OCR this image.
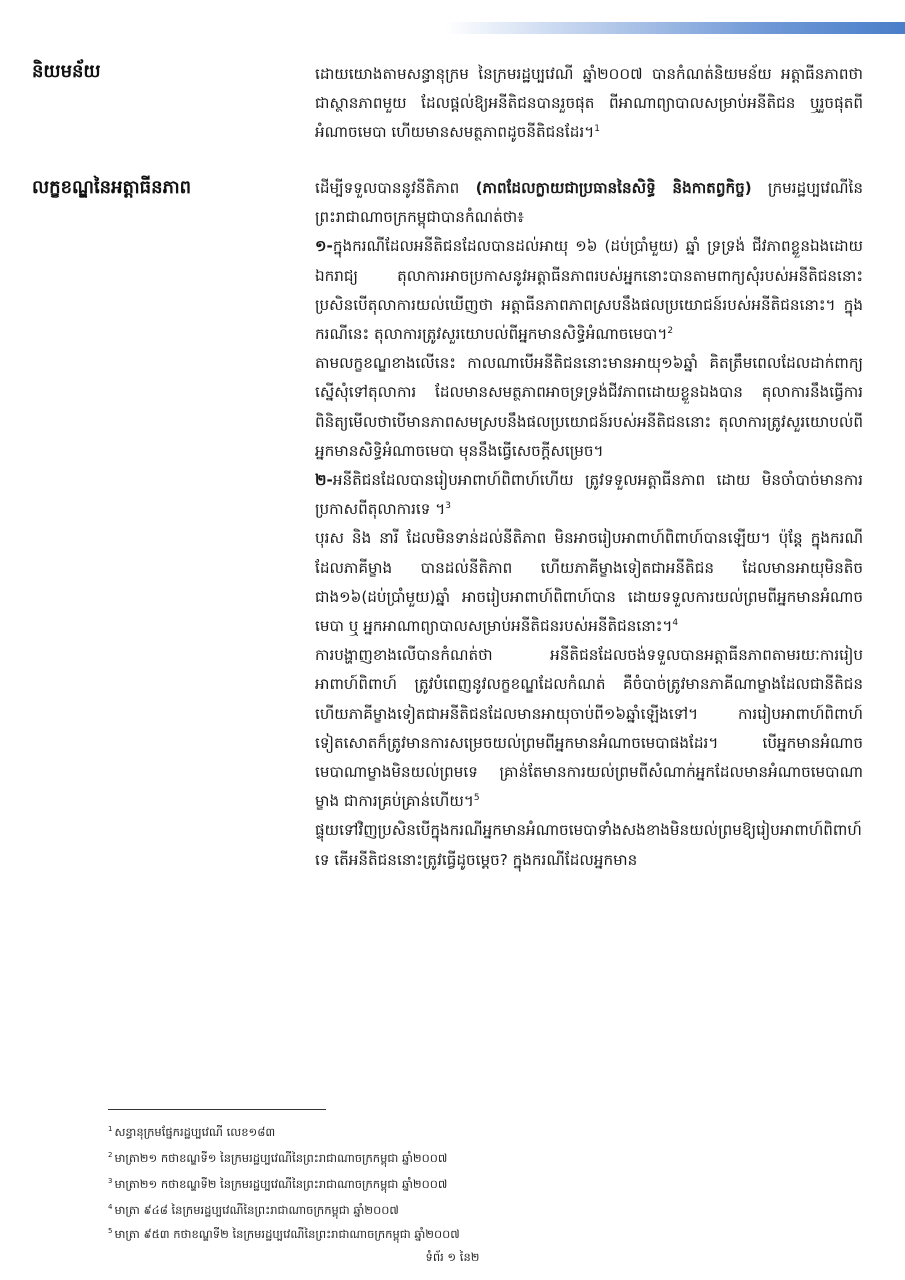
និយមន័យ	ដោយយោងតាមសន្ធានុក្រម នៃក្រមរដ្ឋប្បវេណី ឆ្នាំ២០០៧ បានកំណត់និយមន័យ អត្តាធីនភាពថា ជាស្ថានភាពមួយ ដែលផ្តល់ឱ្យអនីតិជនបានរួចផុត ពីអាណាព្យាបាលសម្រាប់អនីតិជន ឬរួចផុតពីអំណាចមេបា ហើយមានសមត្ថភាពដូចនីតិជនដែរ។$^1$

លក្ខខណ្ឌនៃអត្តាធីនភាព	ដើម្បីទទួលបាននូវនីតិភាព (ភាពដែលក្លាយជាប្រធាននៃសិទ្ធិ និងកាតព្វកិច្ច) ក្រមរដ្ឋប្បវេណីនៃព្រះរាជាណាចក្រកម្ពុជាបានកំណត់ថា៖

១-ក្នុងករណីដែលអនីតិជនដែលបានដល់អាយុ ១៦ (ដប់ប្រាំមួយ) ឆ្នាំ ទ្រទ្រង់ ជីវភាពខ្លួនឯងដោយឯករាជ្យ តុលាការអាចប្រកាសនូវអត្តាធីនភាពរបស់អ្នកនោះបានតាមពាក្យសុំរបស់អនីតិជននោះ ប្រសិនបើតុលាការយល់ឃើញថា អត្តាធីនភាពភាពស្របនឹងផលប្រយោជន៍របស់អនីតិជននោះ។ ក្នុងករណីនេះ តុលាការត្រូវសួរយោបល់ពីអ្នកមានសិទ្ធិអំណាចមេបា។$^2$

តាមលក្ខខណ្ឌខាងលើនេះ កាលណាបើអនីតិជននោះមានអាយុ១៦ឆ្នាំ គិតត្រឹមពេលដែលដាក់ពាក្យស្នើសុំទៅតុលាការ ដែលមានសមត្ថភាពអាចទ្រទ្រង់ជីវភាពដោយខ្លួនឯងបាន តុលាការនឹងធ្វើការពិនិត្យមើលថាបើមានភាពសមស្របនឹងផលប្រយោជន៍របស់អនីតិជននោះ តុលាការត្រូវសួរយោបល់ពីអ្នកមានសិទ្ធិអំណាចមេបា មុននឹងធ្វើសេចក្តីសម្រេច។

២-អនីតិជនដែលបានរៀបអាពាហ៍ពិពាហ៍ហើយ ត្រូវទទួលអត្តាធីនភាព ដោយ មិនចាំបាច់មានការប្រកាសពីតុលាការទេ ។$^3$

បុរស និង នារី ដែលមិនទាន់ដល់នីតិភាព មិនអាចរៀបអាពាហ៍ពិពាហ៍បានឡើយ។ ប៉ុន្តែ ក្នុងករណីដែលភាគីម្ខាង បានដល់នីតិភាព ហើយភាគីម្ខាងទៀតជាអនីតិជន ដែលមានអាយុមិនតិចជាង១៦(ដប់ប្រាំមួយ)ឆ្នាំ អាចរៀបអាពាហ៍ពិពាហ៍បាន ដោយទទួលការយល់ព្រមពីអ្នកមានអំណាចមេបា ឬ អ្នកអាណាព្យាបាលសម្រាប់អនីតិជនរបស់អនីតិជននោះ។$^4$

ការបង្ហាញខាងលើបានកំណត់ថា អនីតិជនដែលចង់ទទួលបានអត្តាធីនភាពតាមរយៈការរៀបអាពាហ៍ពិពាហ៍ ត្រូវបំពេញនូវលក្ខខណ្ឌដែលកំណត់ គឺចំបាច់ត្រូវមានភាគីណាម្ខាងដែលជានីតិជន ហើយភាគីម្ខាងទៀតជាអនីតិជនដែលមានអាយុចាប់ពី១៦ឆ្នាំឡើងទៅ។ ការរៀបអាពាហ៍ពិពាហ៍ទៀតសោតក៏ត្រូវមានការសម្រេចយល់ព្រមពីអ្នកមានអំណាចមេបាផងដែរ។ បើអ្នកមានអំណាចមេបាណាម្ខាងមិនយល់ព្រមទេ គ្រាន់តែមានការយល់ព្រមពីសំណាក់អ្នកដែលមានអំណាចមេបាណាម្ខាង ជាការគ្រប់គ្រាន់ហើយ។$^5$

ផ្ទុយទៅវិញប្រសិនបើក្នុងករណីអ្នកមានអំណាចមេបាទាំងសងខាងមិនយល់ព្រមឱ្យរៀបអាពាហ៍ពិពាហ៍ទេ តើអនីតិជននោះត្រូវធ្វើដូចម្តេច? ក្នុងករណីដែលអ្នកមាន

$^1$ សន្ធានុក្រមផ្នែករដ្ឋប្បវេណី លេខ១៨៣
$^2$ មាត្រា២១ កថាខណ្ឌទី១ នៃក្រមរដ្ឋប្បវេណីនៃព្រះរាជាណាចក្រកម្ពុជា ឆ្នាំ២០០៧
$^3$ មាត្រា២១ កថាខណ្ឌទី២ នៃក្រមរដ្ឋប្បវេណីនៃព្រះរាជាណាចក្រកម្ពុជា ឆ្នាំ២០០៧
$^4$ មាត្រា ៩៤៨ នៃក្រមរដ្ឋប្បវេណីនៃព្រះរាជាណាចក្រកម្ពុជា ឆ្នាំ២០០៧
$^5$ មាត្រា ៩៥៣ កថាខណ្ឌទី២ នៃក្រមរដ្ឋប្បវេណីនៃព្រះរាជាណាចក្រកម្ពុជា ឆ្នាំ២០០៧
ទំព័រ ១ នៃ២
